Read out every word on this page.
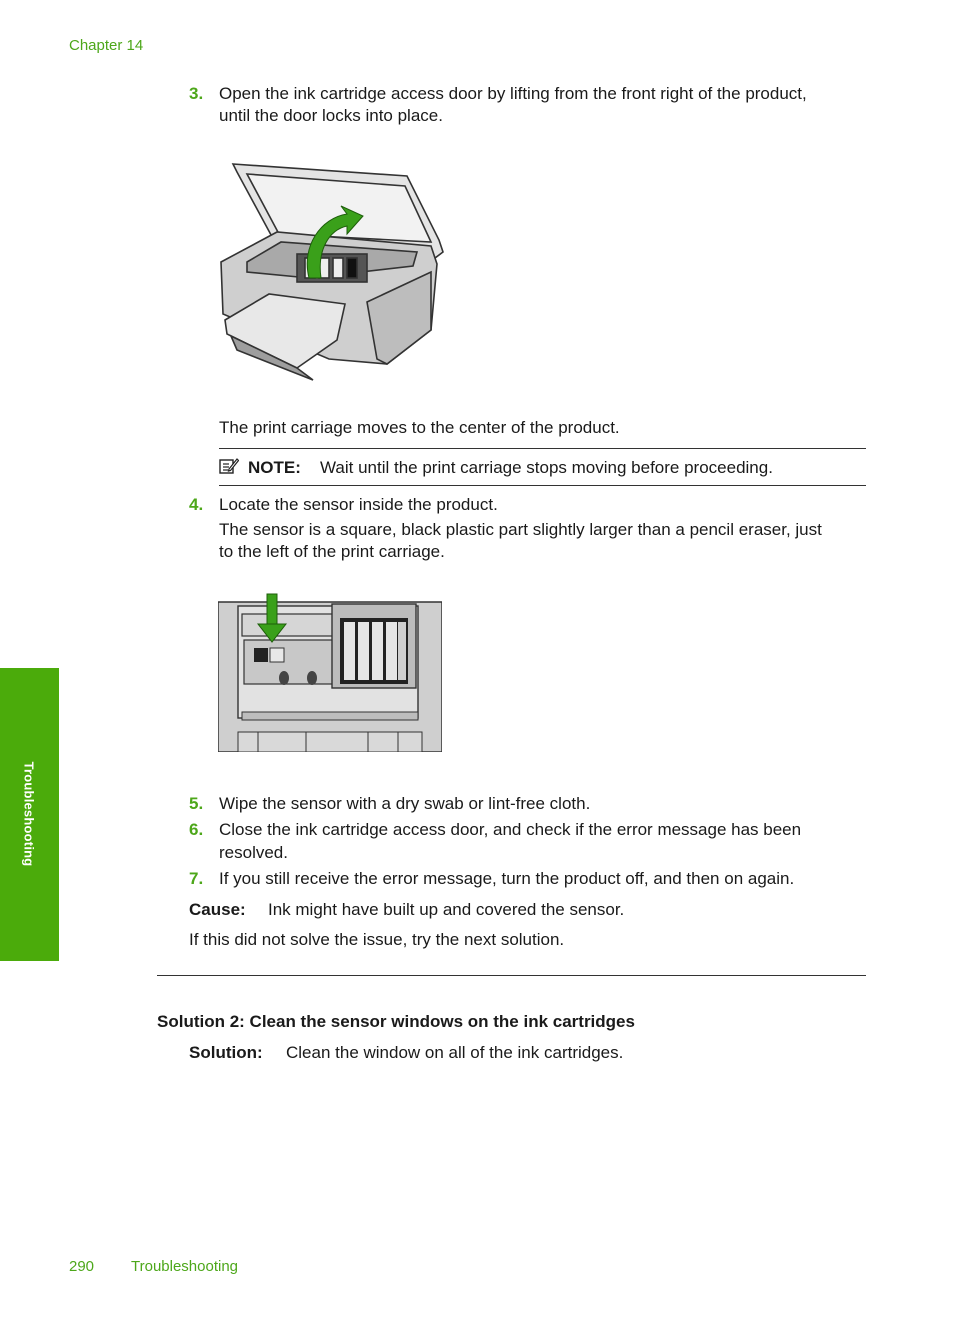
Chapter 14
3. Open the ink cartridge access door by lifting from the front right of the product,
until the door locks into place.
The print carriage moves to the center of the product.
NOTE: Wait until the print carriage stops moving before proceeding.
4. Locate the sensor inside the product.
The sensor is a square, black plastic part slightly larger than a pencil eraser, just
to the left of the print carriage.
5. Wipe the sensor with a dry swab or lint-free cloth.
6. Close the ink cartridge access door, and check if the error message has been
resolved.
7. If you still receive the error message, turn the product off, and then on again.
Cause: Ink might have built up and covered the sensor.
If this did not solve the issue, try the next solution.
Solution 2: Clean the sensor windows on the ink cartridges
Solution: Clean the window on all of the ink cartridges.
Troubleshooting
290 Troubleshooting
